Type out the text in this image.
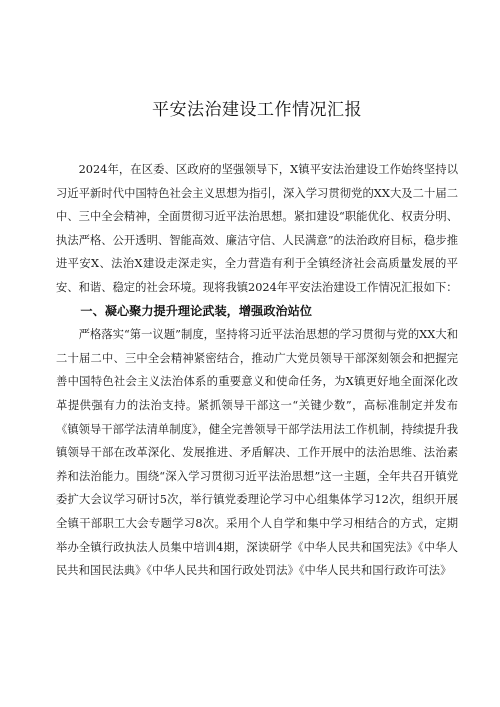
平安法治建设工作情况汇报

2024年，在区委、区政府的坚强领导下，X镇平安法治建设工作始终坚持以习近平新时代中国特色社会主义思想为指引，深入学习贯彻党的XX大及二十届二中、三中全会精神，全面贯彻习近平法治思想。紧扣建设“职能优化、权责分明、执法严格、公开透明、智能高效、廉洁守信、人民满意”的法治政府目标，稳步推进平安X、法治X建设走深走实，全力营造有利于全镇经济社会高质量发展的平安、和谐、稳定的社会环境。现将我镇2024年平安法治建设工作情况汇报如下：

一、凝心聚力提升理论武装，增强政治站位

严格落实“第一议题”制度，坚持将习近平法治思想的学习贯彻与党的XX大和二十届二中、三中全会精神紧密结合，推动广大党员领导干部深刻领会和把握完善中国特色社会主义法治体系的重要意义和使命任务，为X镇更好地全面深化改革提供强有力的法治支持。紧抓领导干部这一“关键少数”，高标准制定并发布《镇领导干部学法清单制度》，健全完善领导干部学法用法工作机制，持续提升我镇领导干部在改革深化、发展推进、矛盾解决、工作开展中的法治思维、法治素养和法治能力。围绕“深入学习贯彻习近平法治思想”这一主题，全年共召开镇党委扩大会议学习研讨5次，举行镇党委理论学习中心组集体学习12次，组织开展全镇干部职工大会专题学习8次。采用个人自学和集中学习相结合的方式，定期举办全镇行政执法人员集中培训4期，深读研学《中华人民共和国宪法》《中华人民共和国民法典》《中华人民共和国行政处罚法》《中华人民共和国行政许可法》
